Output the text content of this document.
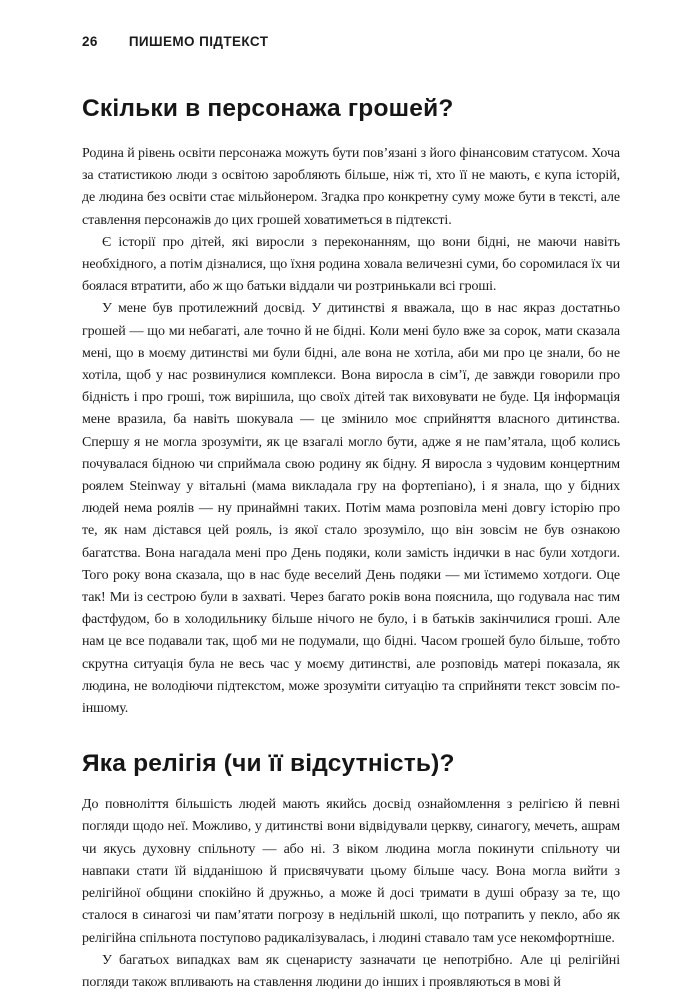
26 ПИШЕМО ПІДТЕКСТ
Скільки в персонажа грошей?

Родина й рівень освіти персонажа можуть бути пов’язані з його фінансовим статусом. Хоча за статистикою люди з освітою заробляють більше, ніж ті, хто її не мають, є купа історій, де людина без освіти стає мільйонером. Згадка про конкретну суму може бути в тексті, але ставлення персонажів до цих грошей ховатиметься в підтексті.

Є історії про дітей, які виросли з переконанням, що вони бідні, не маючи навіть необхідного, а потім дізналися, що їхня родина ховала величезні суми, бо соромилася їх чи боялася втратити, або ж що батьки віддали чи розтринькали всі гроші.

У мене був протилежний досвід. У дитинстві я вважала, що в нас якраз достатньо грошей — що ми небагаті, але точно й не бідні. Коли мені було вже за сорок, мати сказала мені, що в моєму дитинстві ми були бідні, але вона не хотіла, аби ми про це знали, бо не хотіла, щоб у нас розвинулися комплекси. Вона виросла в сім’ї, де завжди говорили про бідність і про гроші, тож вирішила, що своїх дітей так виховувати не буде. Ця інформація мене вразила, ба навіть шокувала — це змінило моє сприйняття власного дитинства. Спершу я не могла зрозуміти, як це взагалі могло бути, адже я не пам’ятала, щоб колись почувалася бідною чи сприймала свою родину як бідну. Я виросла з чудовим концертним роялем Steinway у вітальні (мама викладала гру на фортепіано), і я знала, що у бідних людей нема роялів — ну принаймні таких. Потім мама розповіла мені довгу історію про те, як нам дістався цей рояль, із якої стало зрозуміло, що він зовсім не був ознакою багатства. Вона нагадала мені про День подяки, коли замість індички в нас були хотдоги. Того року вона сказала, що в нас буде веселий День подяки — ми їстимемо хотдоги. Оце так! Ми із сестрою були в захваті. Через багато років вона пояснила, що годувала нас тим фастфудом, бо в холодильнику більше нічого не було, і в батьків закінчилися гроші. Але нам це все подавали так, щоб ми не подумали, що бідні. Часом грошей було більше, тобто скрутна ситуація була не весь час у моєму дитинстві, але розповідь матері показала, як людина, не володіючи підтекстом, може зрозуміти ситуацію та сприйняти текст зовсім по-іншому.

Яка релігія (чи її відсутність)?

До повноліття більшість людей мають якийсь досвід ознайомлення з релігією й певні погляди щодо неї. Можливо, у дитинстві вони відвідували церкву, синагогу, мечеть, ашрам чи якусь духовну спільноту — або ні. З віком людина могла покинути спільноту чи навпаки стати їй відданішою й присвячувати цьому більше часу. Вона могла вийти з релігійної общини спокійно й дружньо, а може й досі тримати в душі образу за те, що сталося в синагозі чи пам’ятати погрозу в недільній школі, що потрапить у пекло, або як релігійна спільнота поступово радикалізувалась, і людині ставало там усе некомфортніше.

У багатьох випадках вам як сценаристу зазначати це непотрібно. Але ці релігійні погляди також впливають на ставлення людини до інших і проявляються в мові й
